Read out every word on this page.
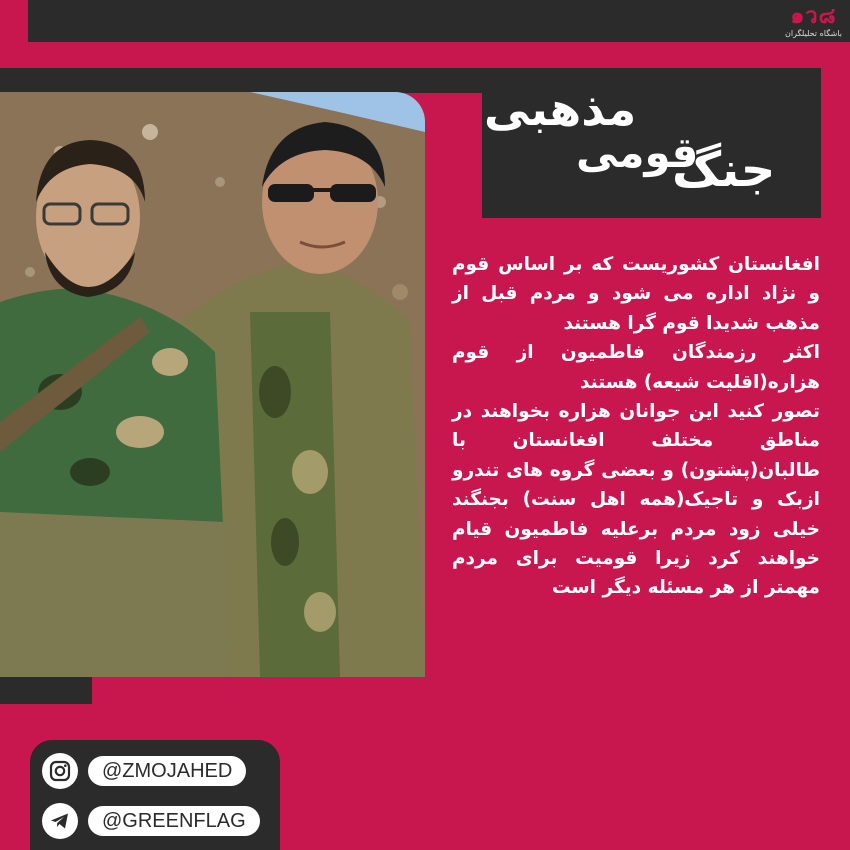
๑ว๘
باشگاه تحلیلگران
مذهبی
قومی
جنگ

افغانستان کشوریست که بر اساس قوم و نژاد اداره می شود و مردم قبل از مذهب شدیدا قوم گرا هستند

اکثر رزمندگان فاطمیون از قوم هزاره(اقلیت شیعه) هستند

تصور کنید این جوانان هزاره بخواهند در مناطق مختلف افغانستان با طالبان(پشتون) و بعضی گروه های تندرو ازبک و تاجیک(همه اهل سنت) بجنگند خیلی زود مردم برعلیه فاطمیون قیام خواهند کرد زیرا قومیت برای مردم مهمتر از هر مسئله دیگر است

@ZMOJAHED
@GREENFLAG
